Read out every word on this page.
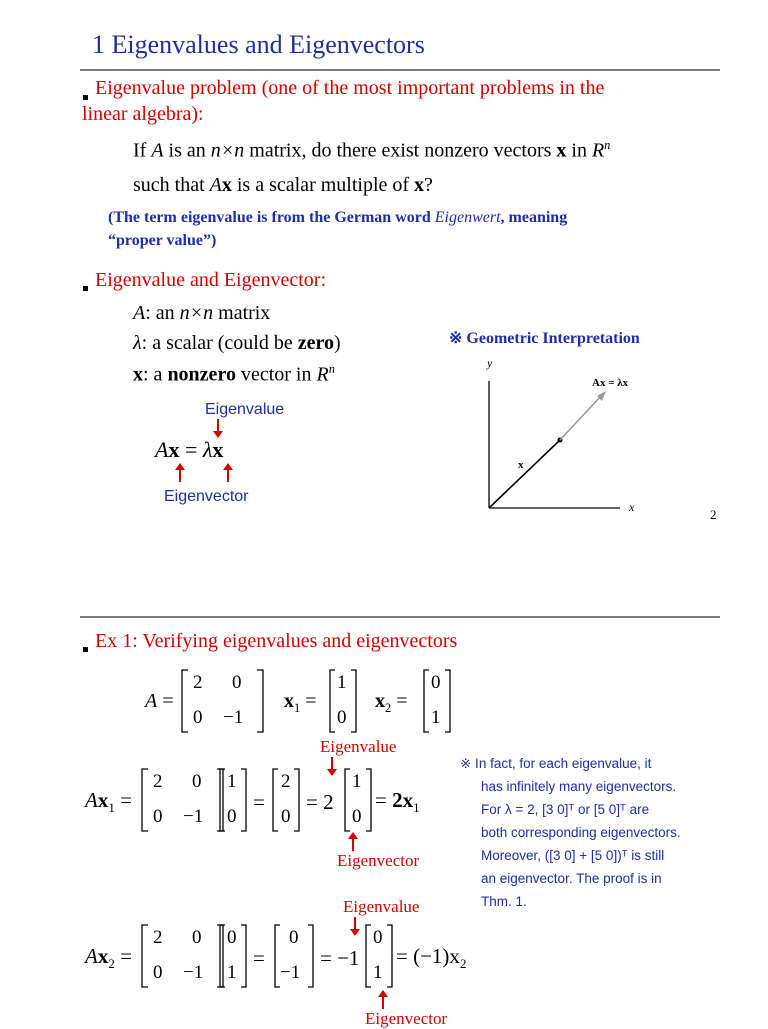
1 Eigenvalues and Eigenvectors
Eigenvalue problem (one of the most important problems in the
linear algebra):
If A is an n×n matrix, do there exist nonzero vectors x in $R^n$
such that Ax is a scalar multiple of x?
(The term eigenvalue is from the German word Eigenwert, meaning
“proper value”)
Eigenvalue and Eigenvector:
A: an n×n matrix
λ: a scalar (could be zero)
x: a nonzero vector in $R^n$
Eigenvalue
Ax = λx
Eigenvector
※ Geometric Interpretation
y
x
x
Ax = λx
2
Ex 1: Verifying eigenvalues and eigenvectors
A =
2 0
0 −1
$x_1$ =
1
0
$x_2$ =
0
1
Eigenvalue
$Ax_1$ =
2 0
0 −1
1
0
=
2
0
= 2
1
0
= $2x_1$
Eigenvector
※ In fact, for each eigenvalue, it
has infinitely many eigenvectors.
For λ = 2, [3 0]ᵀ or [5 0]ᵀ are
both corresponding eigenvectors.
Moreover, ([3 0] + [5 0])ᵀ is still
an eigenvector. The proof is in
Thm. 1.
Eigenvalue
$Ax_2$ =
2 0
0 −1
0
1
=
0
−1
= −1
0
1
= $(-1)x_2$
Eigenvector
